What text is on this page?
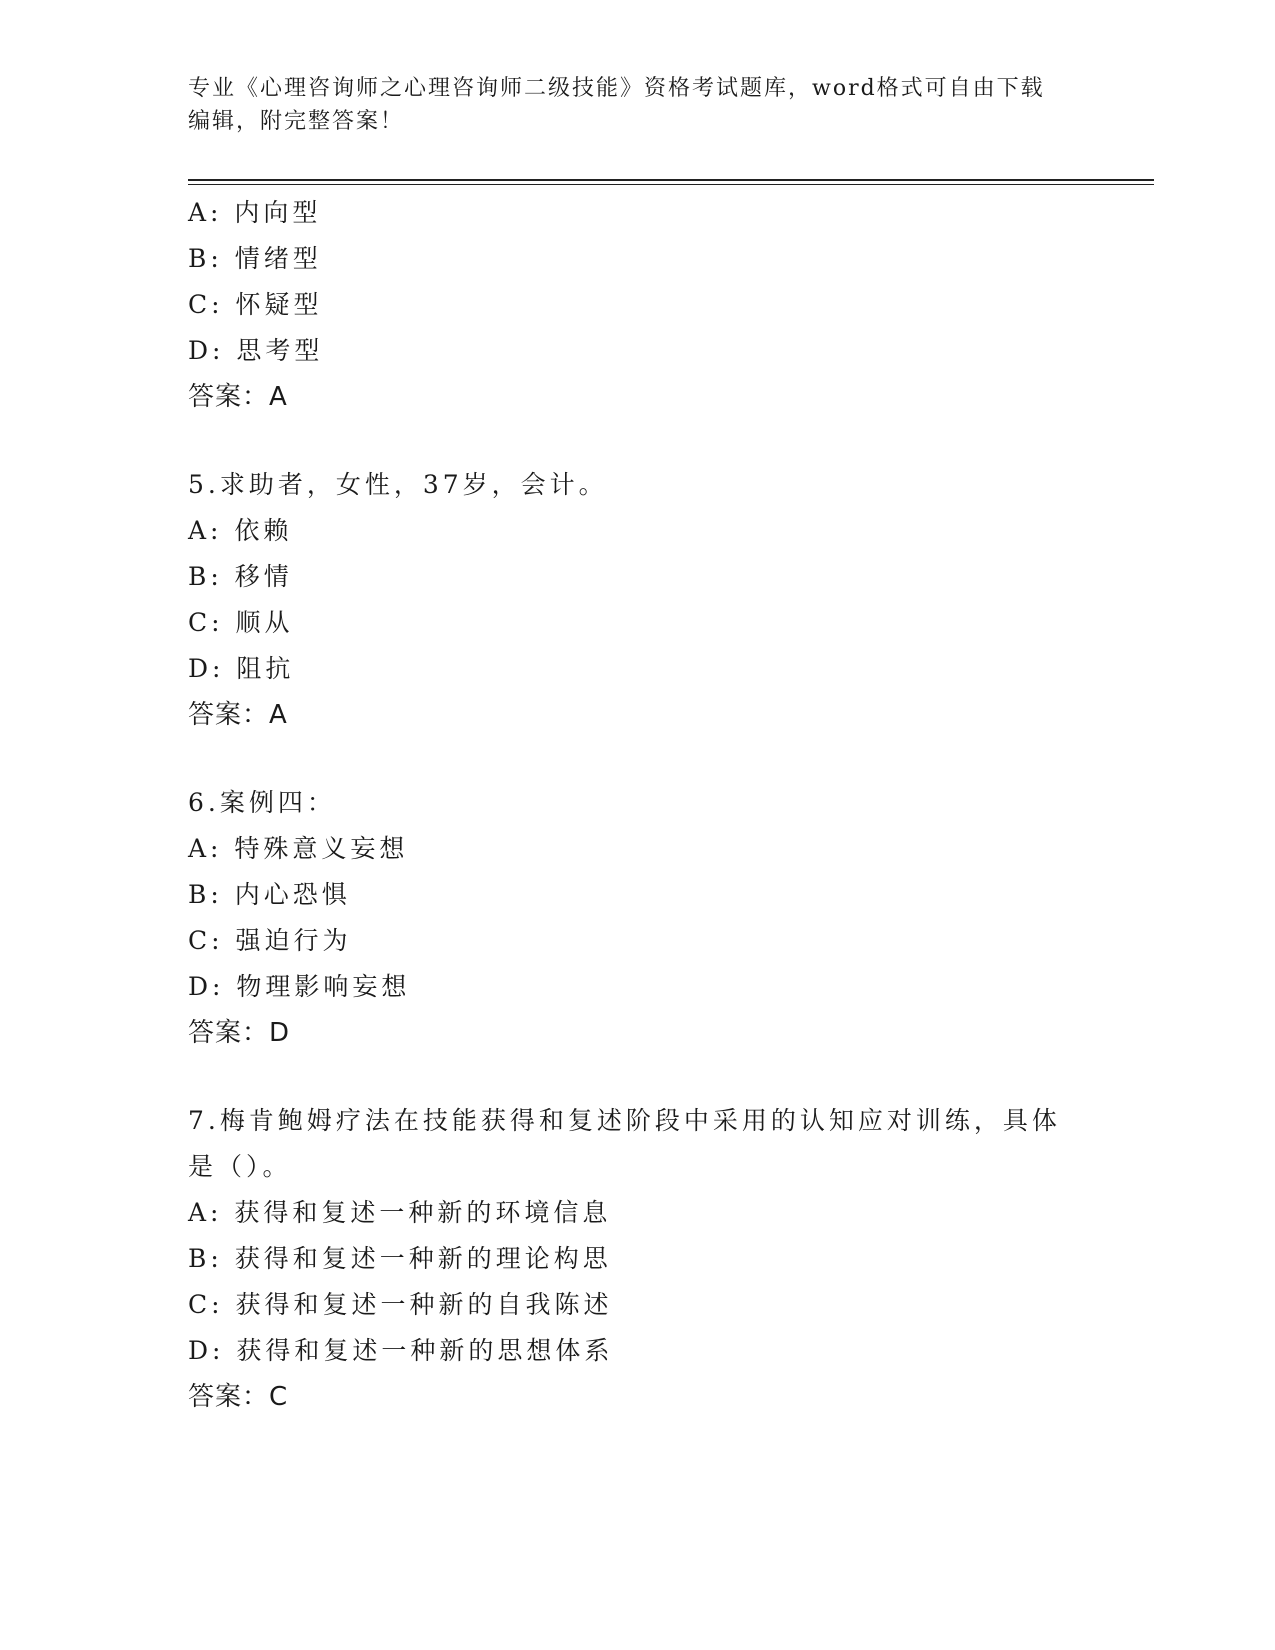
专业《心理咨询师之心理咨询师二级技能》资格考试题库，word格式可自由下载
编辑，附完整答案！
A: 内向型
B: 情绪型
C: 怀疑型
D: 思考型
答案：A
5.求助者，女性，37岁，会计。
A: 依赖
B: 移情
C: 顺从
D: 阻抗
答案：A
6.案例四：
A: 特殊意义妄想
B: 内心恐惧
C: 强迫行为
D: 物理影响妄想
答案：D
7.梅肯鲍姆疗法在技能获得和复述阶段中采用的认知应对训练，具体是（）。
A: 获得和复述一种新的环境信息
B: 获得和复述一种新的理论构思
C: 获得和复述一种新的自我陈述
D: 获得和复述一种新的思想体系
答案：C
